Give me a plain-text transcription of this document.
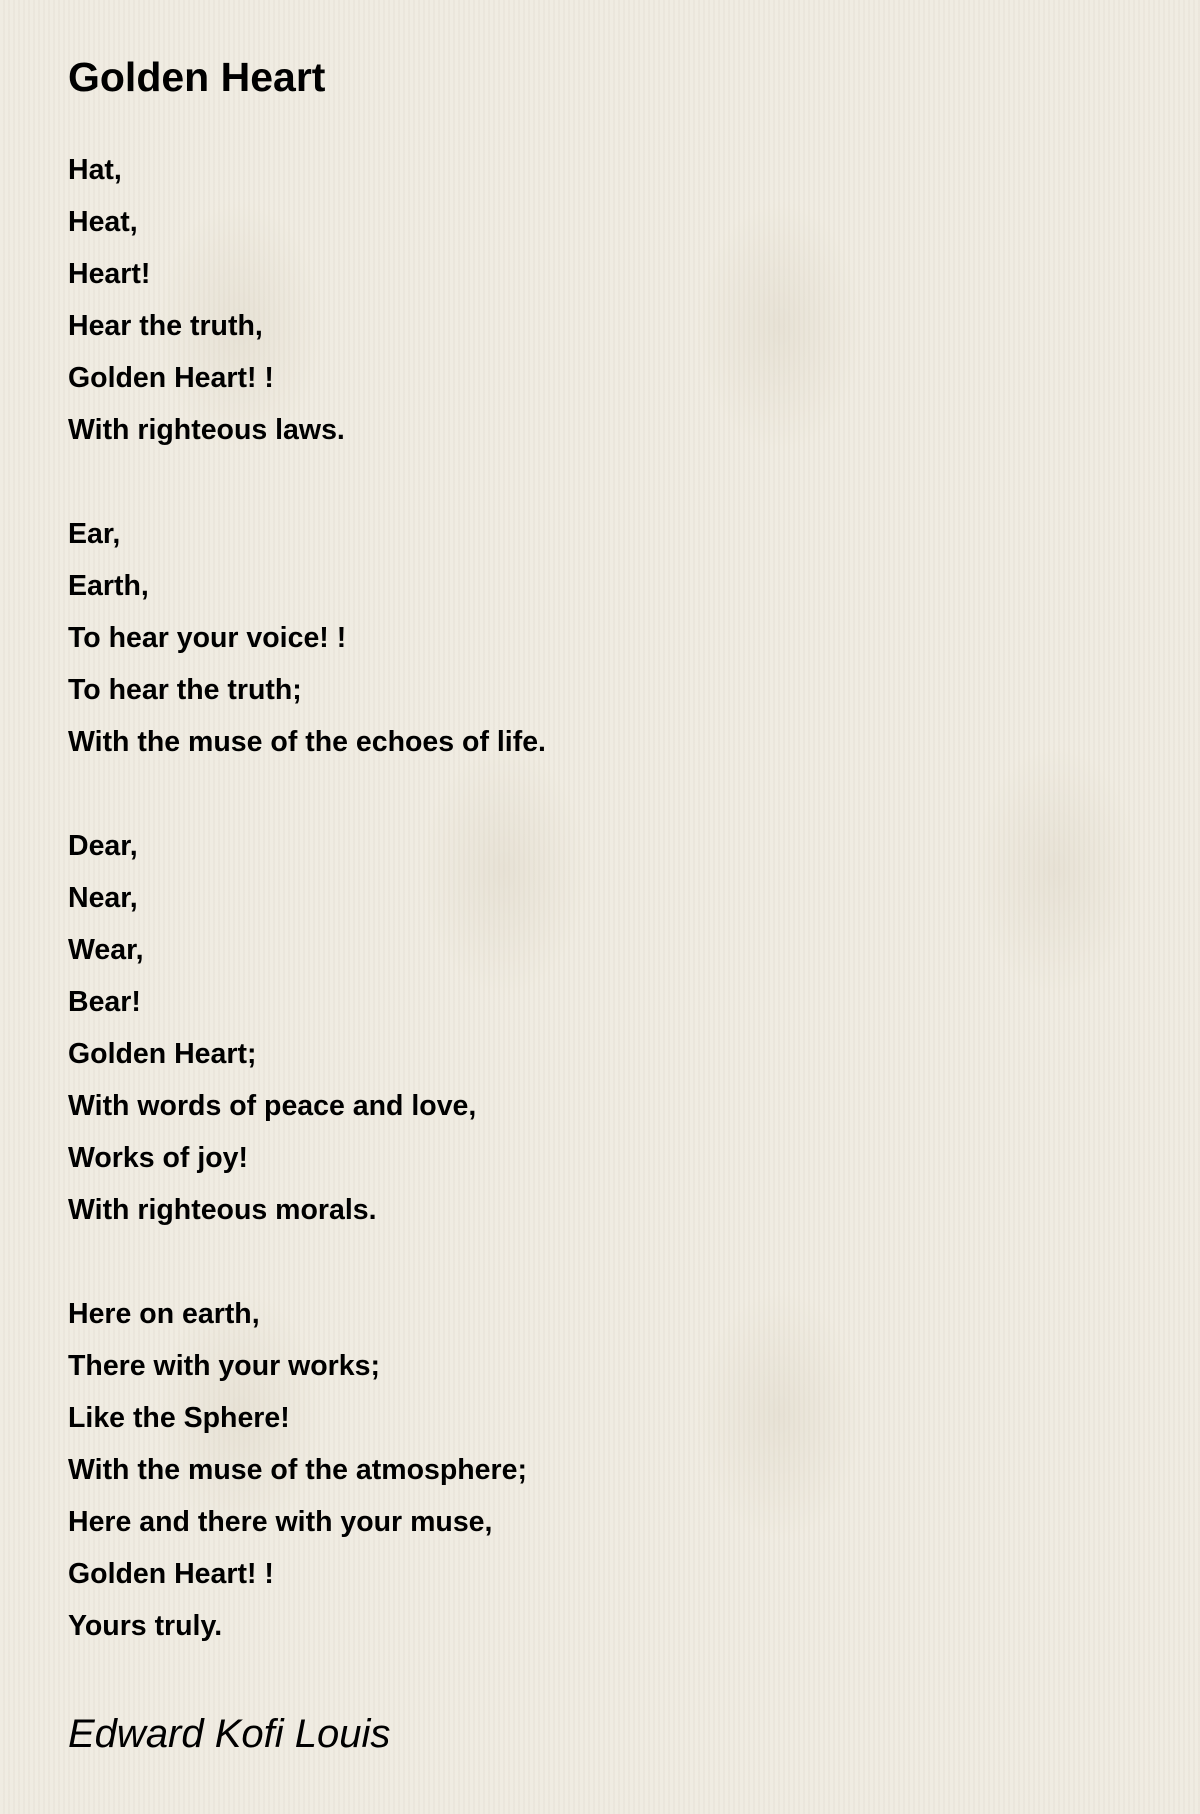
Golden Heart
Hat,
Heat,
Heart!
Hear the truth,
Golden Heart! !
With righteous laws.
Ear,
Earth,
To hear your voice! !
To hear the truth;
With the muse of the echoes of life.
Dear,
Near,
Wear,
Bear!
Golden Heart;
With words of peace and love,
Works of joy!
With righteous morals.
Here on earth,
There with your works;
Like the Sphere!
With the muse of the atmosphere;
Here and there with your muse,
Golden Heart! !
Yours truly.
Edward Kofi Louis
